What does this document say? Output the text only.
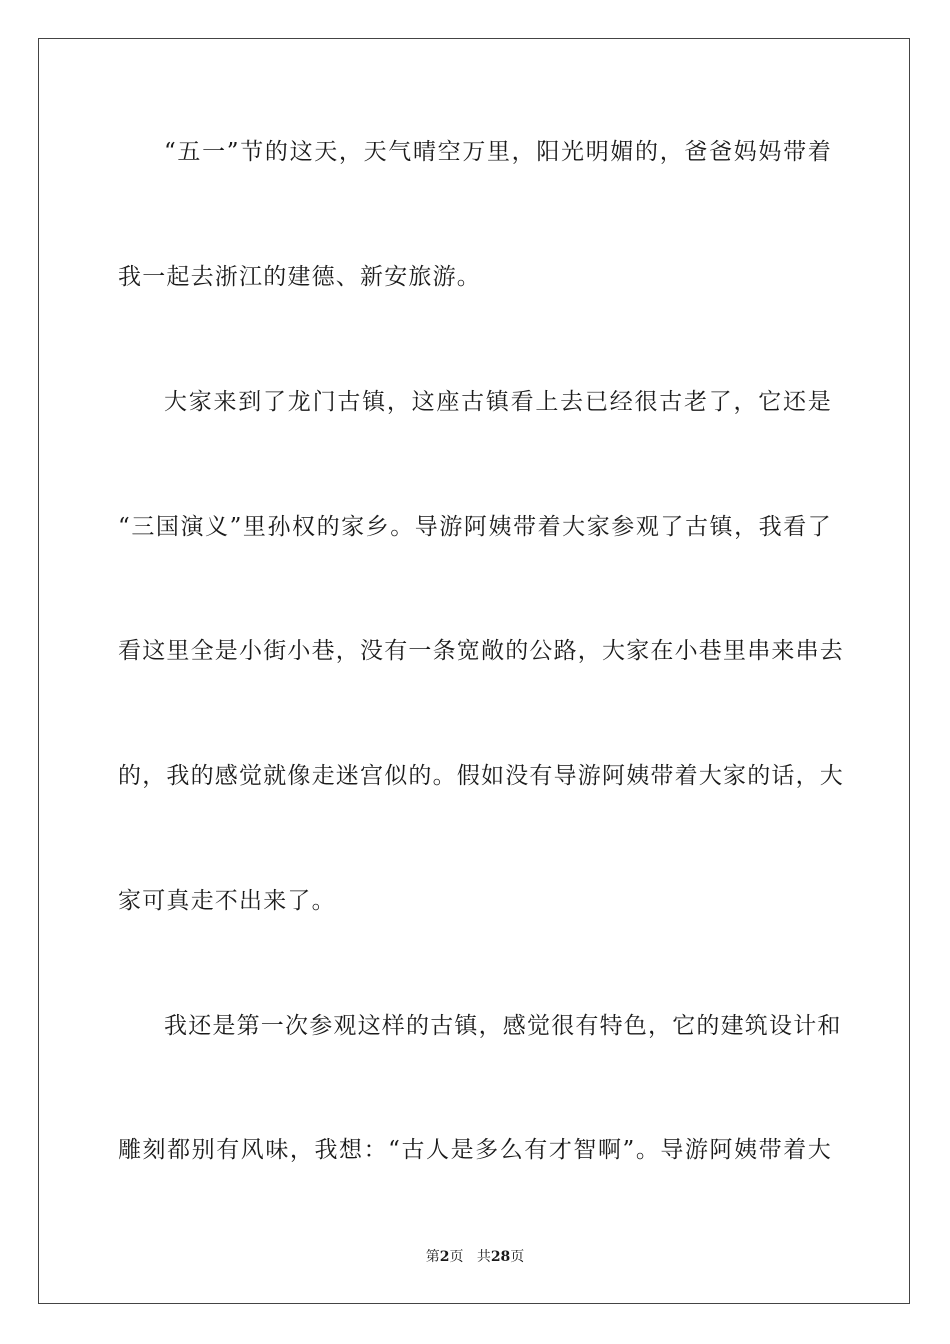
“五一”节的这天，天气晴空万里，阳光明媚的，爸爸妈妈带着
我一起去浙江的建德、新安旅游。
大家来到了龙门古镇，这座古镇看上去已经很古老了，它还是
“三国演义”里孙权的家乡。导游阿姨带着大家参观了古镇，我看了
看这里全是小街小巷，没有一条宽敞的公路，大家在小巷里串来串去
的，我的感觉就像走迷宫似的。假如没有导游阿姨带着大家的话，大
家可真走不出来了。
我还是第一次参观这样的古镇，感觉很有特色，它的建筑设计和
雕刻都别有风味，我想：“古人是多么有才智啊”。导游阿姨带着大
第2页 共28页
